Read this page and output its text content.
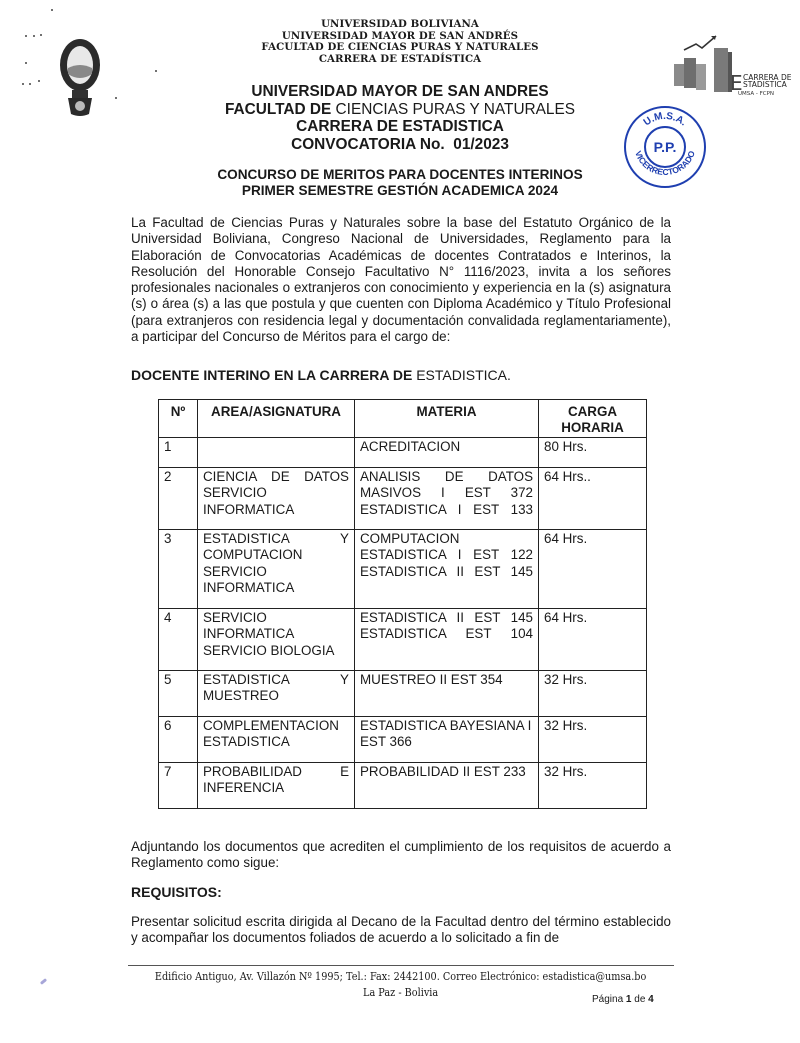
UNIVERSIDAD BOLIVIANA
UNIVERSIDAD MAYOR DE SAN ANDRÉS
FACULTAD DE CIENCIAS PURAS Y NATURALES
CARRERA DE ESTADÍSTICA
E CARRERA DE
STADISTICA
UMSA - FCPN
U.M.S.A.
P.P.
VICERRECTORADO
UNIVERSIDAD MAYOR DE SAN ANDRES
FACULTAD DE CIENCIAS PURAS Y NATURALES
CARRERA DE ESTADISTICA
CONVOCATORIA No.  01/2023
CONCURSO DE MERITOS PARA DOCENTES INTERINOS
PRIMER SEMESTRE GESTIÓN ACADEMICA 2024
La Facultad de Ciencias Puras y Naturales sobre la base del Estatuto Orgánico de la Universidad Boliviana, Congreso Nacional de Universidades, Reglamento para la Elaboración de Convocatorias Académicas de docentes Contratados e Interinos, la Resolución del Honorable Consejo Facultativo N° 1116/2023, invita a los señores profesionales nacionales o extranjeros con conocimiento y experiencia en la (s) asignatura (s) o área (s) a las que postula y que cuenten con Diploma Académico y Título Profesional (para extranjeros con residencia legal y documentación convalidada reglamentariamente), a participar del Concurso de Méritos para el cargo de:
DOCENTE INTERINO EN LA CARRERA DE ESTADISTICA.
Nº	AREA/ASIGNATURA	MATERIA	CARGA HORARIA
1		ACREDITACION	80 Hrs.
2	CIENCIA DE DATOS SERVICIO INFORMATICA	ANALISIS DE DATOS MASIVOS I EST 372 ESTADISTICA I EST 133	64 Hrs..
3	ESTADISTICA Y COMPUTACION SERVICIO INFORMATICA	COMPUTACION ESTADISTICA I EST 122 ESTADISTICA II EST 145	64 Hrs.
4	SERVICIO INFORMATICA SERVICIO BIOLOGIA	ESTADISTICA II EST 145 ESTADISTICA EST 104	64 Hrs.
5	ESTADISTICA Y MUESTREO	MUESTREO II EST 354	32 Hrs.
6	COMPLEMENTACION ESTADISTICA	ESTADISTICA BAYESIANA I EST 366	32 Hrs.
7	PROBABILIDAD E INFERENCIA	PROBABILIDAD II EST 233	32 Hrs.
Adjuntando los documentos que acrediten el cumplimiento de los requisitos de acuerdo a Reglamento como sigue:
REQUISITOS:
Presentar solicitud escrita dirigida al Decano de la Facultad dentro del término establecido y acompañar los documentos foliados de acuerdo a lo solicitado a fin de
Edificio Antiguo, Av. Villazón Nº 1995; Tel.: Fax: 2442100. Correo Electrónico: estadistica@umsa.bo
La Paz - Bolivia
Página 1 de 4
